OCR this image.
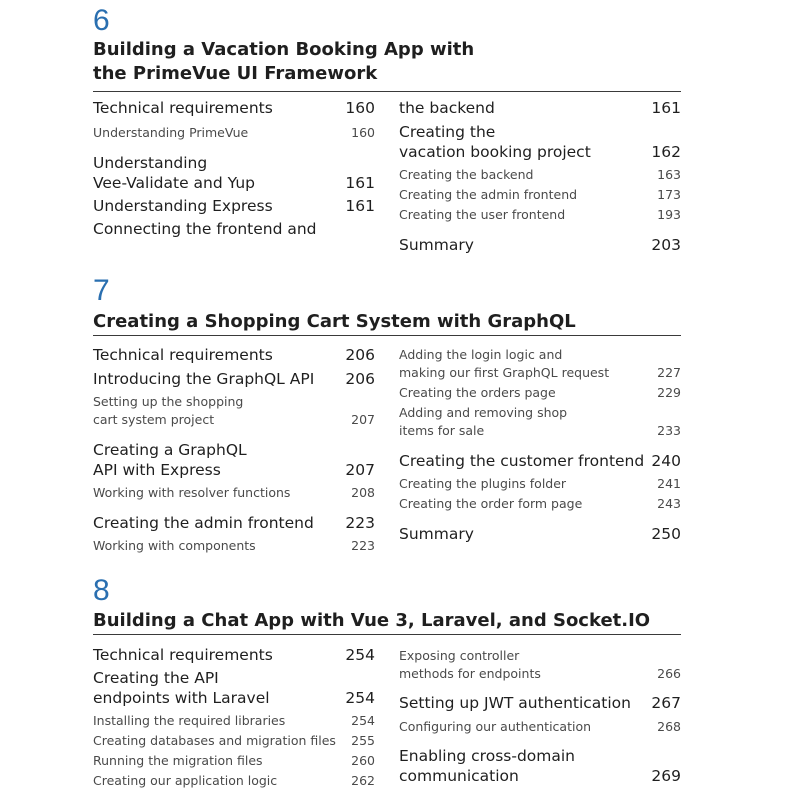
6
Building a Vacation Booking App with
the PrimeVue UI Framework
Technical requirements	160
Understanding PrimeVue	160
Understanding
Vee-Validate and Yup	161
Understanding Express	161
Connecting the frontend and
the backend	161
Creating the
vacation booking project	162
Creating the backend	163
Creating the admin frontend	173
Creating the user frontend	193
Summary	203
7
Creating a Shopping Cart System with GraphQL
Technical requirements	206
Introducing the GraphQL API 206
Setting up the shopping
cart system project	207
Creating a GraphQL
API with Express	207
Working with resolver functions	208
Creating the admin frontend 223
Working with components	223
Adding the login logic and
making our first GraphQL request	227
Creating the orders page	229
Adding and removing shop
items for sale	233
Creating the customer frontend 240
Creating the plugins folder	241
Creating the order form page	243
Summary	250
8
Building a Chat App with Vue 3, Laravel, and Socket.IO
Technical requirements	254
Creating the API
endpoints with Laravel	254
Installing the required libraries	254
Creating databases and migration files 255
Running the migration files	260
Creating our application logic	262
Exposing controller
methods for endpoints	266
Setting up JWT authentication 267
Configuring our authentication	268
Enabling cross-domain
communication	269
